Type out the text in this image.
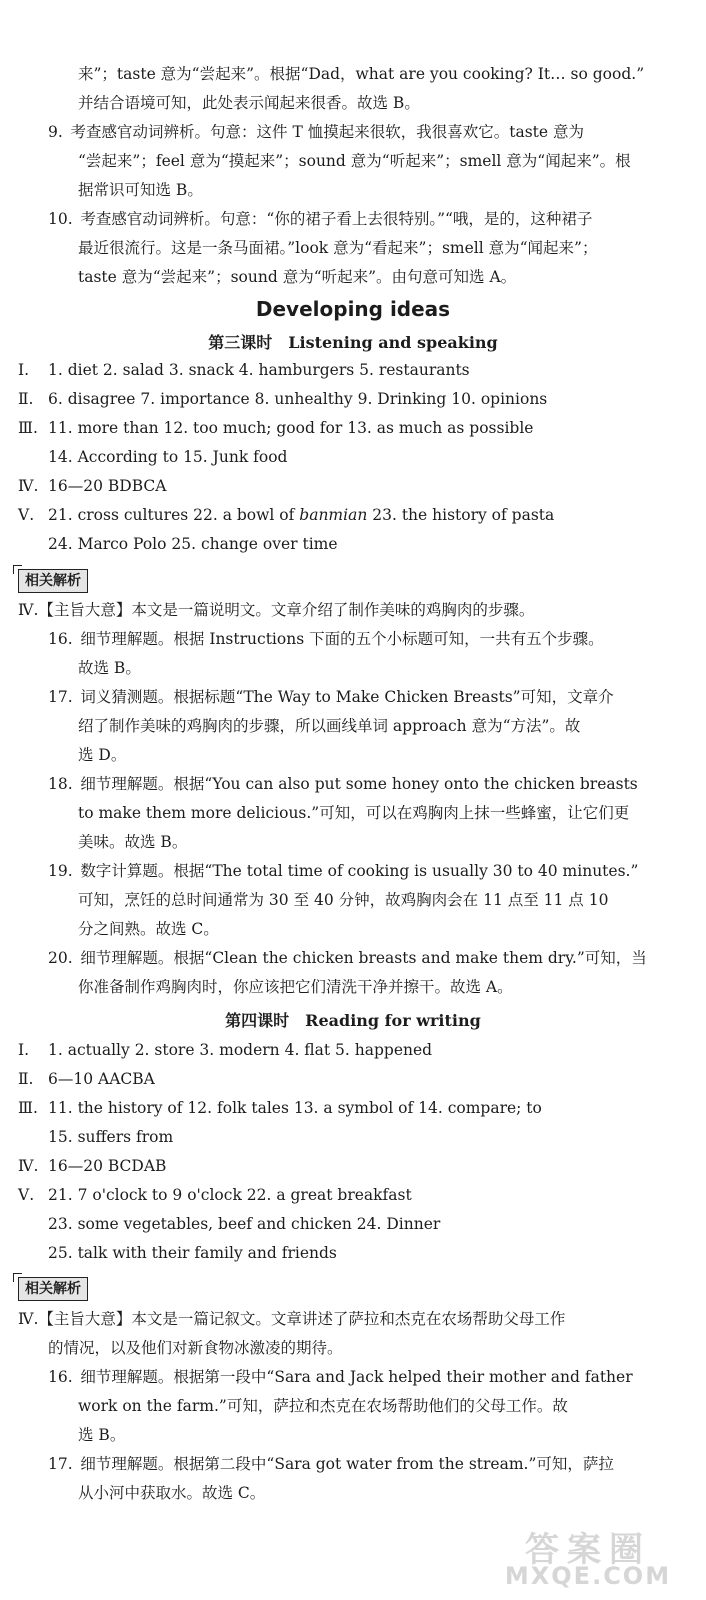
来”；taste 意为“尝起来”。根据“Dad，what are you cooking? It… so good.”
并结合语境可知，此处表示闻起来很香。故选 B。
9. 考查感官动词辨析。句意：这件 T 恤摸起来很软，我很喜欢它。taste 意为
“尝起来”；feel 意为“摸起来”；sound 意为“听起来”；smell 意为“闻起来”。根
据常识可知选 B。
10. 考查感官动词辨析。句意：“你的裙子看上去很特别。”“哦，是的，这种裙子
最近很流行。这是一条马面裙。”look 意为“看起来”；smell 意为“闻起来”；
taste 意为“尝起来”；sound 意为“听起来”。由句意可知选 A。
Developing ideas
第三课时 Listening and speaking
Ⅰ. 1. diet 2. salad 3. snack 4. hamburgers 5. restaurants
Ⅱ. 6. disagree 7. importance 8. unhealthy 9. Drinking 10. opinions
Ⅲ. 11. more than 12. too much; good for 13. as much as possible
14. According to 15. Junk food
Ⅳ. 16—20 BDBCA
Ⅴ. 21. cross cultures 22. a bowl of banmian 23. the history of pasta
24. Marco Polo 25. change over time
相关解析
Ⅳ.【主旨大意】本文是一篇说明文。文章介绍了制作美味的鸡胸肉的步骤。
16. 细节理解题。根据 Instructions 下面的五个小标题可知，一共有五个步骤。
故选 B。
17. 词义猜测题。根据标题“The Way to Make Chicken Breasts”可知，文章介
绍了制作美味的鸡胸肉的步骤，所以画线单词 approach 意为“方法”。故
选 D。
18. 细节理解题。根据“You can also put some honey onto the chicken breasts
to make them more delicious.”可知，可以在鸡胸肉上抹一些蜂蜜，让它们更
美味。故选 B。
19. 数字计算题。根据“The total time of cooking is usually 30 to 40 minutes.”
可知，烹饪的总时间通常为 30 至 40 分钟，故鸡胸肉会在 11 点至 11 点 10
分之间熟。故选 C。
20. 细节理解题。根据“Clean the chicken breasts and make them dry.”可知，当
你准备制作鸡胸肉时，你应该把它们清洗干净并擦干。故选 A。
第四课时 Reading for writing
Ⅰ. 1. actually 2. store 3. modern 4. flat 5. happened
Ⅱ. 6—10 AACBA
Ⅲ. 11. the history of 12. folk tales 13. a symbol of 14. compare; to
15. suffers from
Ⅳ. 16—20 BCDAB
Ⅴ. 21. 7 o'clock to 9 o'clock 22. a great breakfast
23. some vegetables, beef and chicken 24. Dinner
25. talk with their family and friends
相关解析
Ⅳ.【主旨大意】本文是一篇记叙文。文章讲述了萨拉和杰克在农场帮助父母工作
的情况，以及他们对新食物冰激凌的期待。
16. 细节理解题。根据第一段中“Sara and Jack helped their mother and father
work on the farm.”可知，萨拉和杰克在农场帮助他们的父母工作。故
选 B。
17. 细节理解题。根据第二段中“Sara got water from the stream.”可知，萨拉
从小河中获取水。故选 C。
答案圈
MXQE.COM
